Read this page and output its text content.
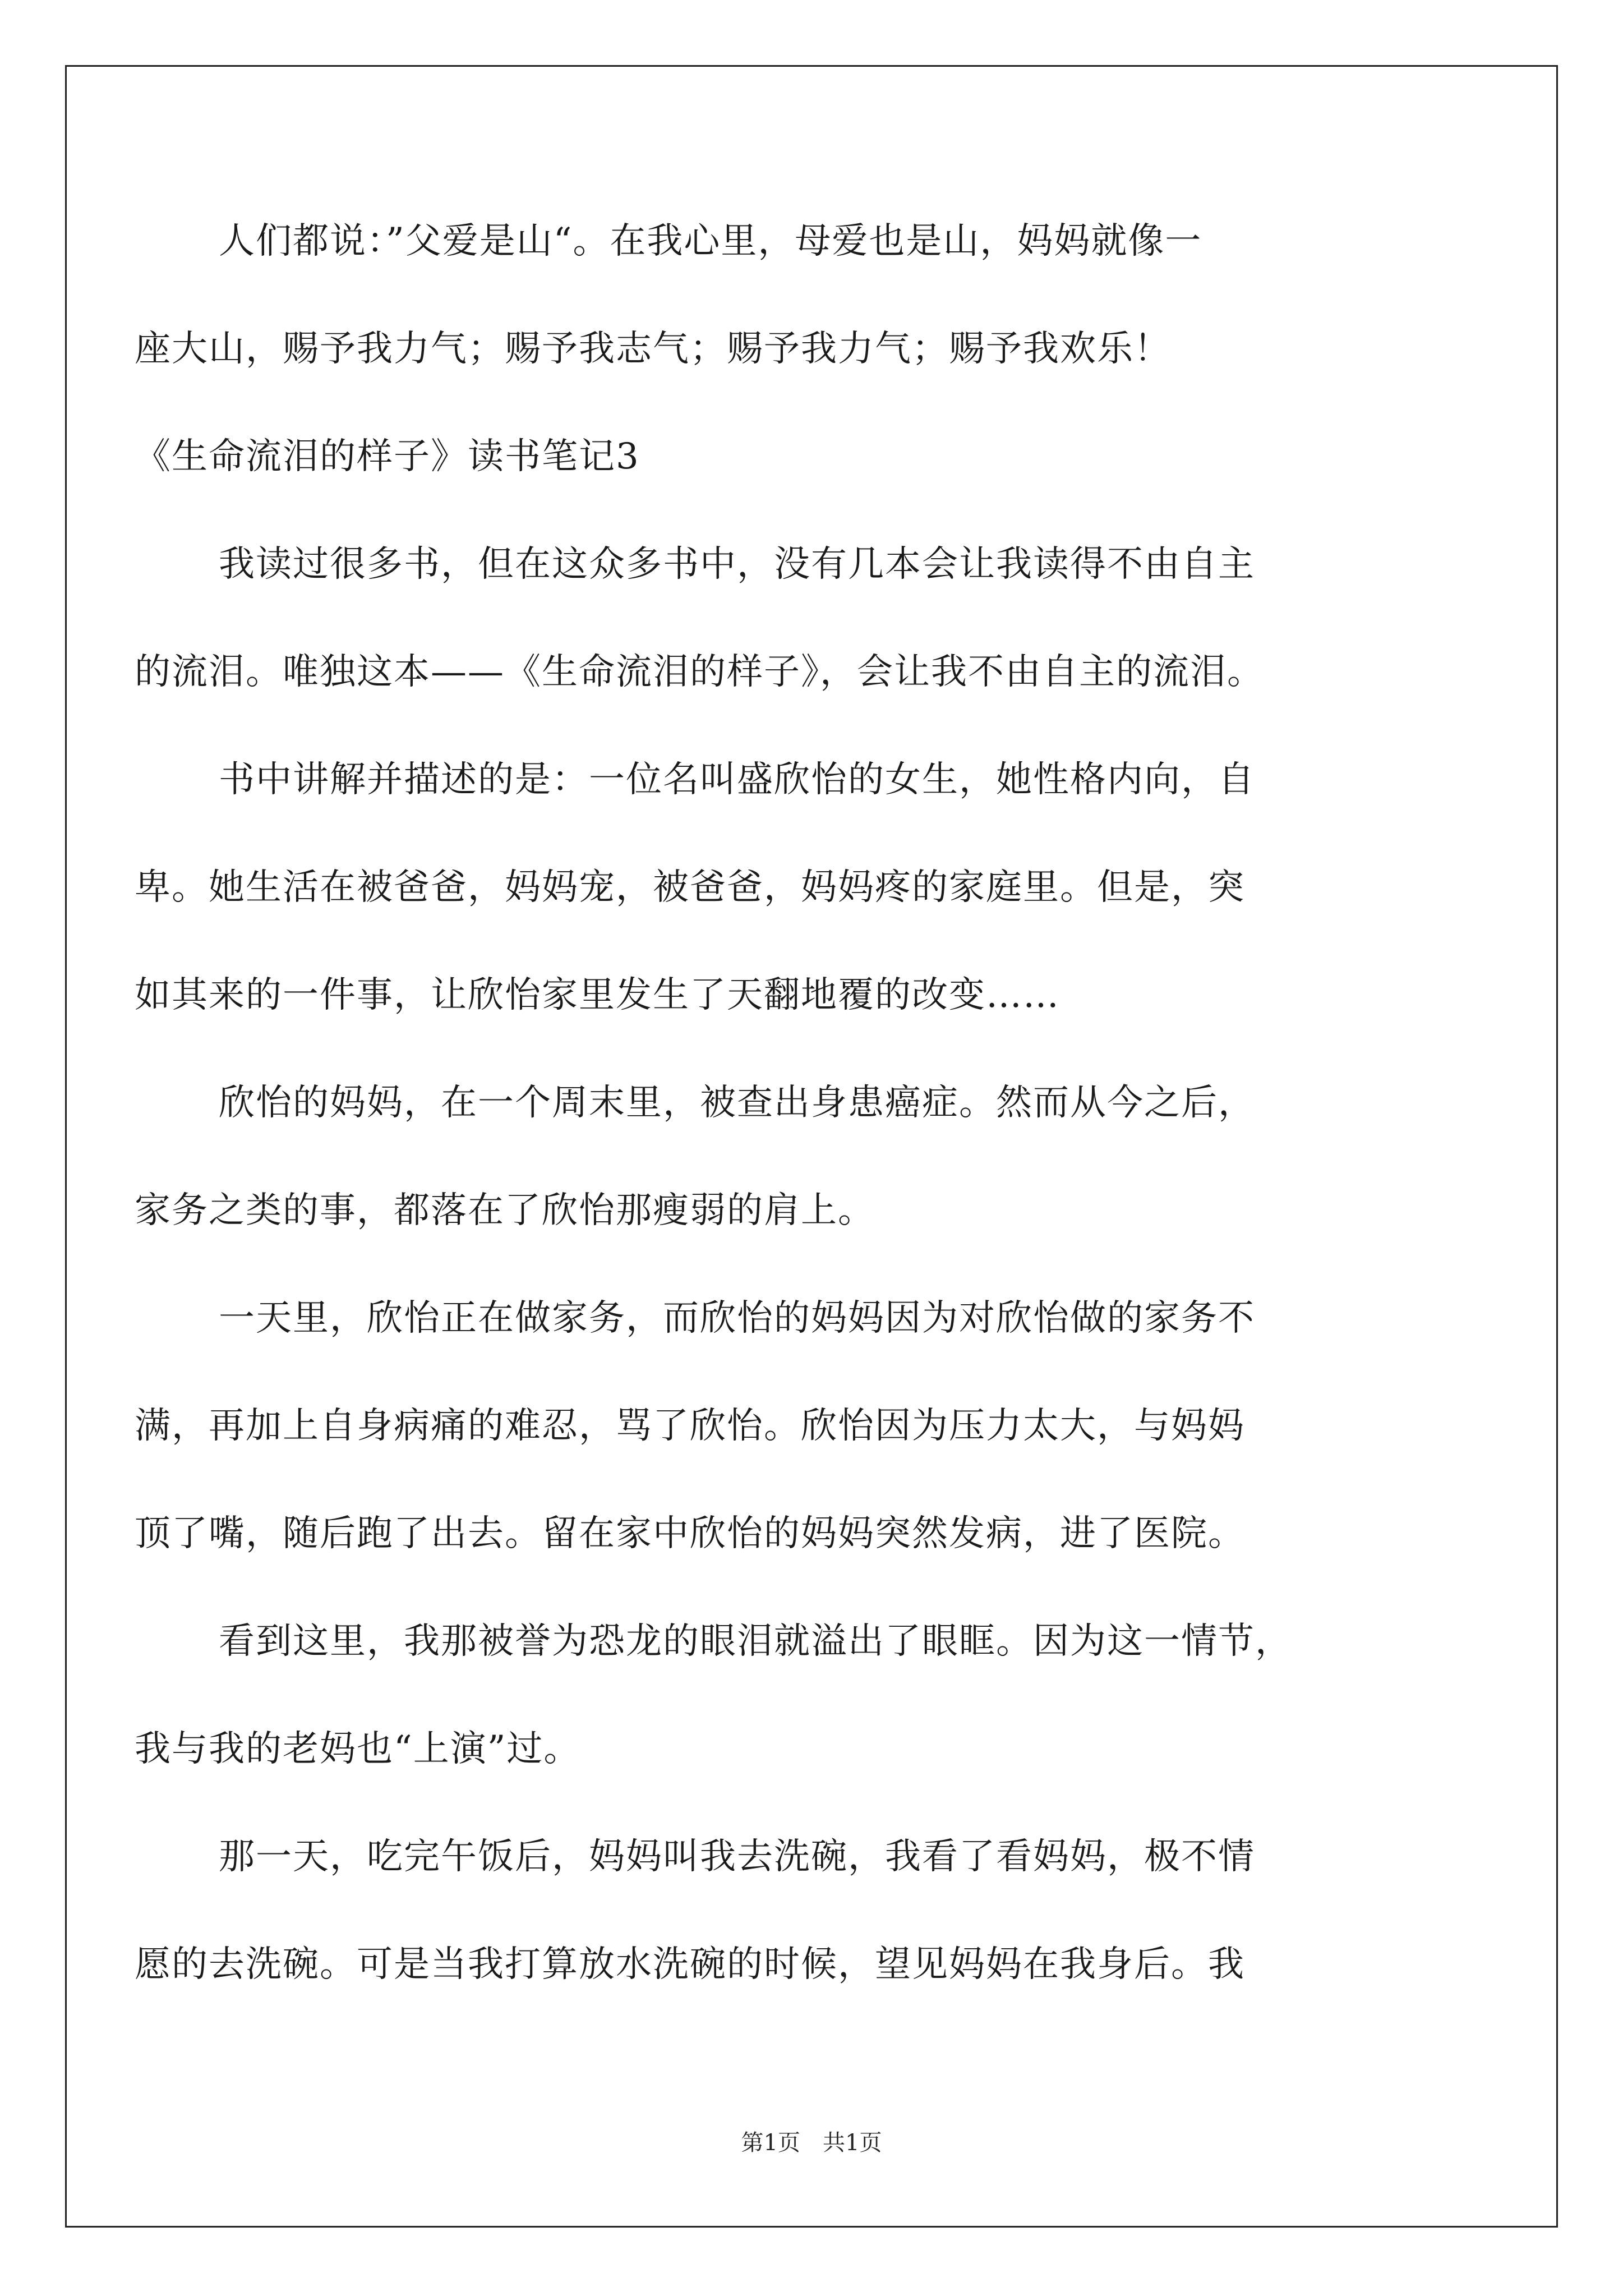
人们都说：”父爱是山“。在我心里，母爱也是山，妈妈就像一
座大山，赐予我力气；赐予我志气；赐予我力气；赐予我欢乐！
《生命流泪的样子》读书笔记3
我读过很多书，但在这众多书中，没有几本会让我读得不由自主
的流泪。唯独这本——《生命流泪的样子》，会让我不由自主的流泪。
书中讲解并描述的是：一位名叫盛欣怡的女生，她性格内向，自
卑。她生活在被爸爸，妈妈宠，被爸爸，妈妈疼的家庭里。但是，突
如其来的一件事，让欣怡家里发生了天翻地覆的改变……
欣怡的妈妈，在一个周末里，被查出身患癌症。然而从今之后，
家务之类的事，都落在了欣怡那瘦弱的肩上。
一天里，欣怡正在做家务，而欣怡的妈妈因为对欣怡做的家务不
满，再加上自身病痛的难忍，骂了欣怡。欣怡因为压力太大，与妈妈
顶了嘴，随后跑了出去。留在家中欣怡的妈妈突然发病，进了医院。
看到这里，我那被誉为恐龙的眼泪就溢出了眼眶。因为这一情节，
我与我的老妈也“上演”过。
那一天，吃完午饭后，妈妈叫我去洗碗，我看了看妈妈，极不情
愿的去洗碗。可是当我打算放水洗碗的时候，望见妈妈在我身后。我
第1页 共1页
